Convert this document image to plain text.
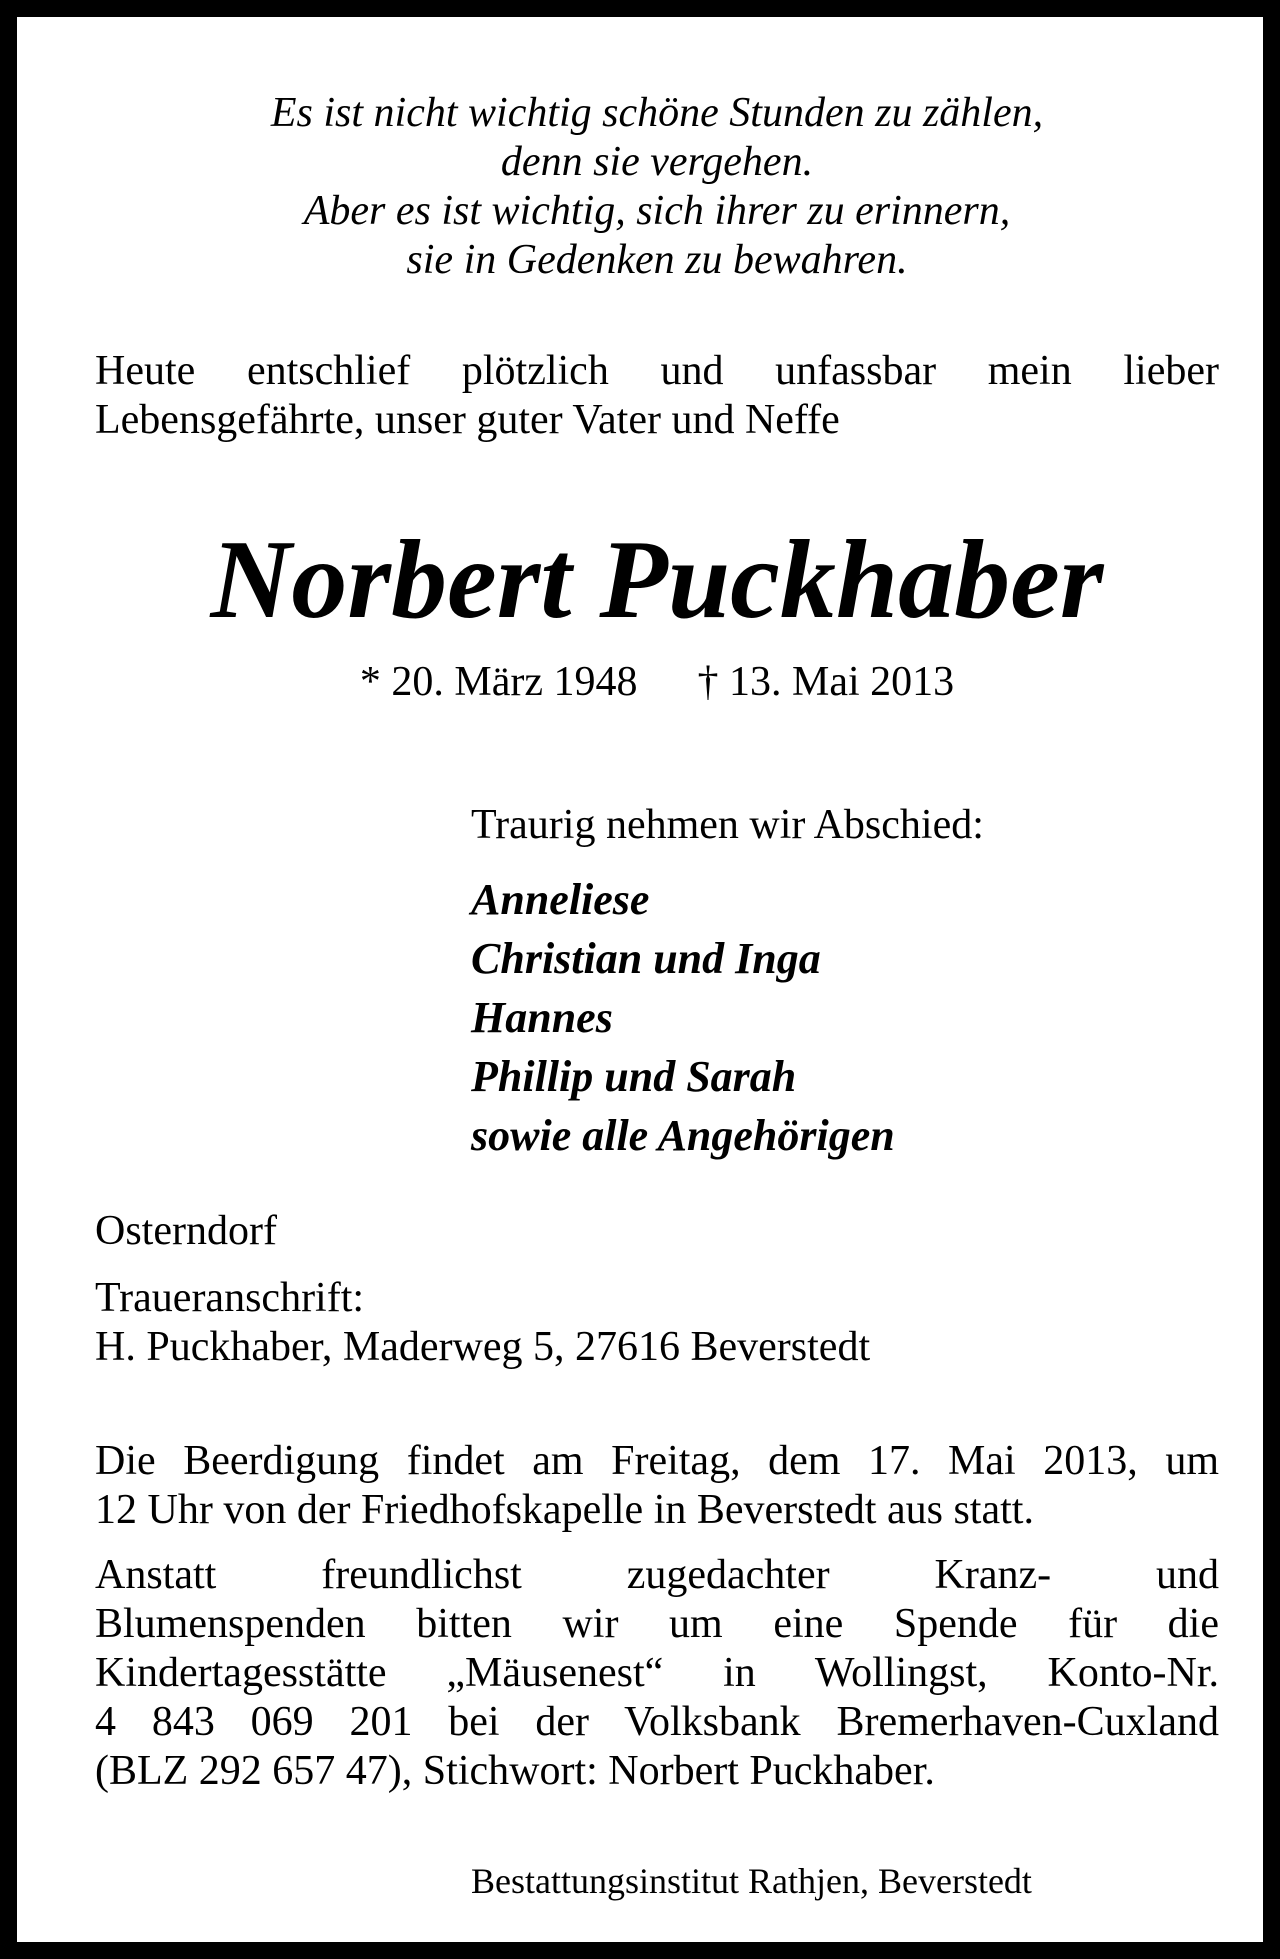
Es ist nicht wichtig schöne Stunden zu zählen,
denn sie vergehen.
Aber es ist wichtig, sich ihrer zu erinnern,
sie in Gedenken zu bewahren.
Heute entschlief plötzlich und unfassbar mein lieber
Lebensgefährte, unser guter Vater und Neffe
Norbert Puckhaber
* 20. März 1948 † 13. Mai 2013
Traurig nehmen wir Abschied:
Anneliese
Christian und Inga
Hannes
Phillip und Sarah
sowie alle Angehörigen
Osterndorf
Traueranschrift:
H. Puckhaber, Maderweg 5, 27616 Beverstedt
Die Beerdigung findet am Freitag, dem 17. Mai 2013, um
12 Uhr von der Friedhofskapelle in Beverstedt aus statt.
Anstatt freundlichst zugedachter Kranz- und
Blumenspenden bitten wir um eine Spende für die
Kindertagesstätte „Mäusenest“ in Wollingst, Konto-Nr.
4 843 069 201 bei der Volksbank Bremerhaven-Cuxland
(BLZ 292 657 47), Stichwort: Norbert Puckhaber.
Bestattungsinstitut Rathjen, Beverstedt
